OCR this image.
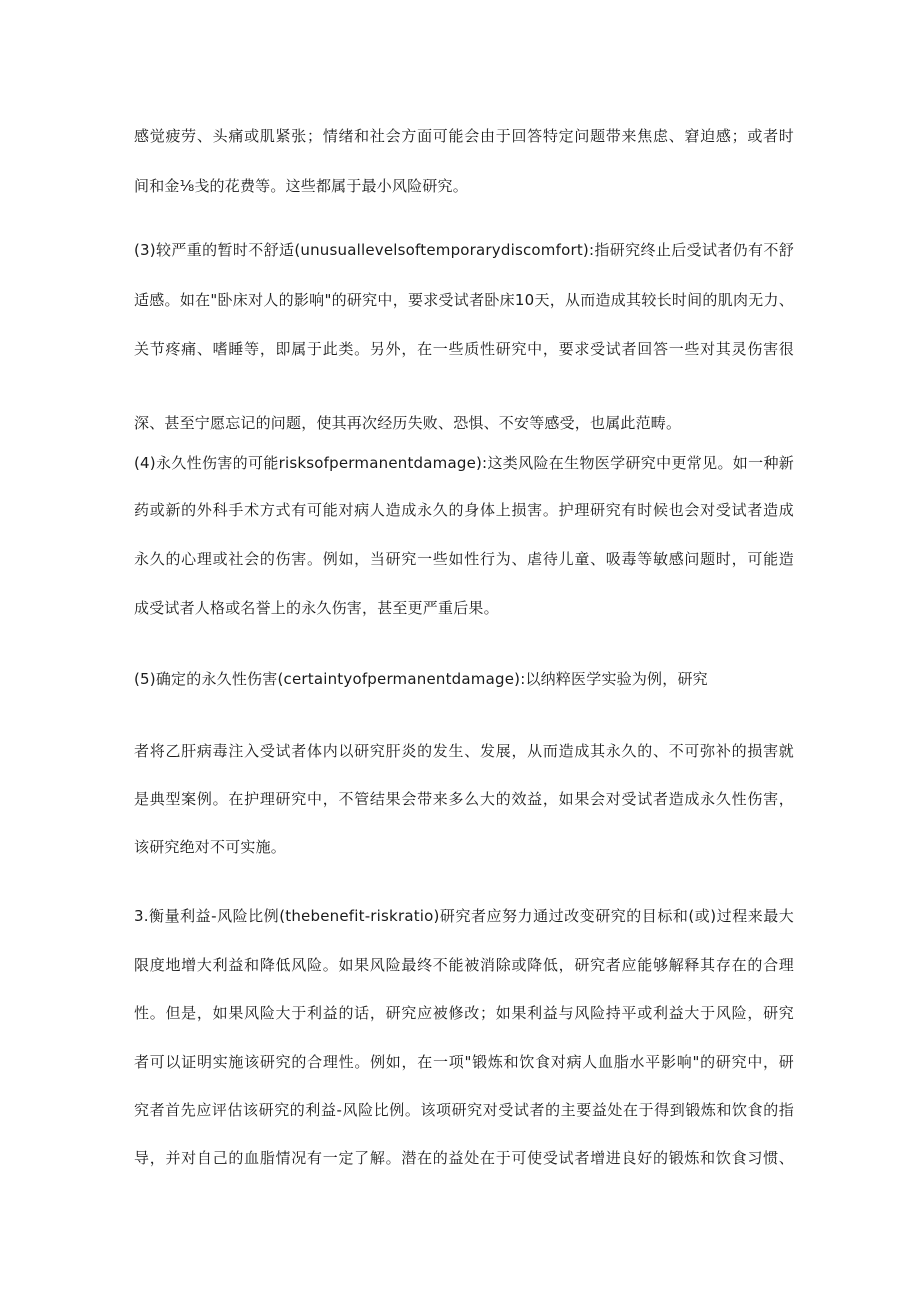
感觉疲劳、头痛或肌紧张；情绪和社会方面可能会由于回答特定问题带来焦虑、窘迫感；或者时
间和金⅛戋的花费等。这些都属于最小风险研究。
(3)较严重的暂时不舒适(unusuallevelsoftemporarydiscomfort):指研究终止后受试者仍有不舒
适感。如在"卧床对人的影响"的研究中，要求受试者卧床10天，从而造成其较长时间的肌肉无力、
关节疼痛、嗜睡等，即属于此类。另外，在一些质性研究中，要求受试者回答一些对其灵伤害很
深、甚至宁愿忘记的问题，使其再次经历失败、恐惧、不安等感受，也属此范畴。
(4)永久性伤害的可能risksofpermanentdamage):这类风险在生物医学研究中更常见。如一种新
药或新的外科手术方式有可能对病人造成永久的身体上损害。护理研究有时候也会对受试者造成
永久的心理或社会的伤害。例如，当研究一些如性行为、虐待儿童、吸毒等敏感问题时，可能造
成受试者人格或名誉上的永久伤害，甚至更严重后果。
(5)确定的永久性伤害(certaintyofpermanentdamage):以纳粹医学实验为例，研究
者将乙肝病毒注入受试者体内以研究肝炎的发生、发展，从而造成其永久的、不可弥补的损害就
是典型案例。在护理研究中，不管结果会带来多么大的效益，如果会对受试者造成永久性伤害，
该研究绝对不可实施。
3.衡量利益-风险比例(thebenefit-riskratio)研究者应努力通过改变研究的目标和(或)过程来最大
限度地增大利益和降低风险。如果风险最终不能被消除或降低，研究者应能够解释其存在的合理
性。但是，如果风险大于利益的话，研究应被修改；如果利益与风险持平或利益大于风险，研究
者可以证明实施该研究的合理性。例如，在一项"锻炼和饮食对病人血脂水平影响"的研究中，研
究者首先应评估该研究的利益-风险比例。该项研究对受试者的主要益处在于得到锻炼和饮食的指
导，并对自己的血脂情况有一定了解。潜在的益处在于可使受试者增进良好的锻炼和饮食习惯、
